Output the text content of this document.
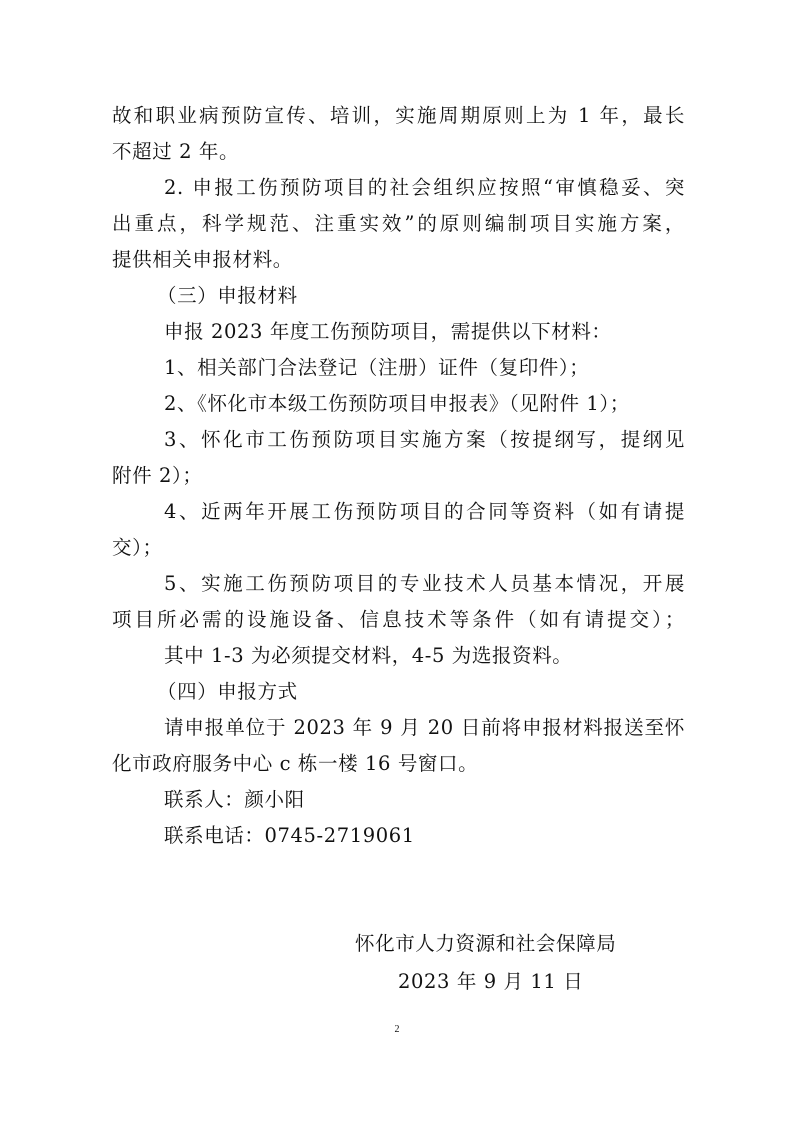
故和职业病预防宣传、培训，实施周期原则上为 1 年，最长
不超过 2 年。
2. 申报工伤预防项目的社会组织应按照“审慎稳妥、突
出重点，科学规范、注重实效”的原则编制项目实施方案，
提供相关申报材料。
（三）申报材料
申报 2023 年度工伤预防项目，需提供以下材料：
1、相关部门合法登记（注册）证件（复印件）；
2、《怀化市本级工伤预防项目申报表》（见附件 1）；
3、怀化市工伤预防项目实施方案（按提纲写，提纲见
附件 2）；
4、近两年开展工伤预防项目的合同等资料（如有请提
交）；
5、实施工伤预防项目的专业技术人员基本情况，开展
项目所必需的设施设备、信息技术等条件（如有请提交）；
其中 1-3 为必须提交材料，4-5 为选报资料。
（四）申报方式
请申报单位于 2023 年 9 月 20 日前将申报材料报送至怀
化市政府服务中心 c 栋一楼 16 号窗口。
联系人：颜小阳
联系电话：0745-2719061
怀化市人力资源和社会保障局
2023 年 9 月 11 日
2
